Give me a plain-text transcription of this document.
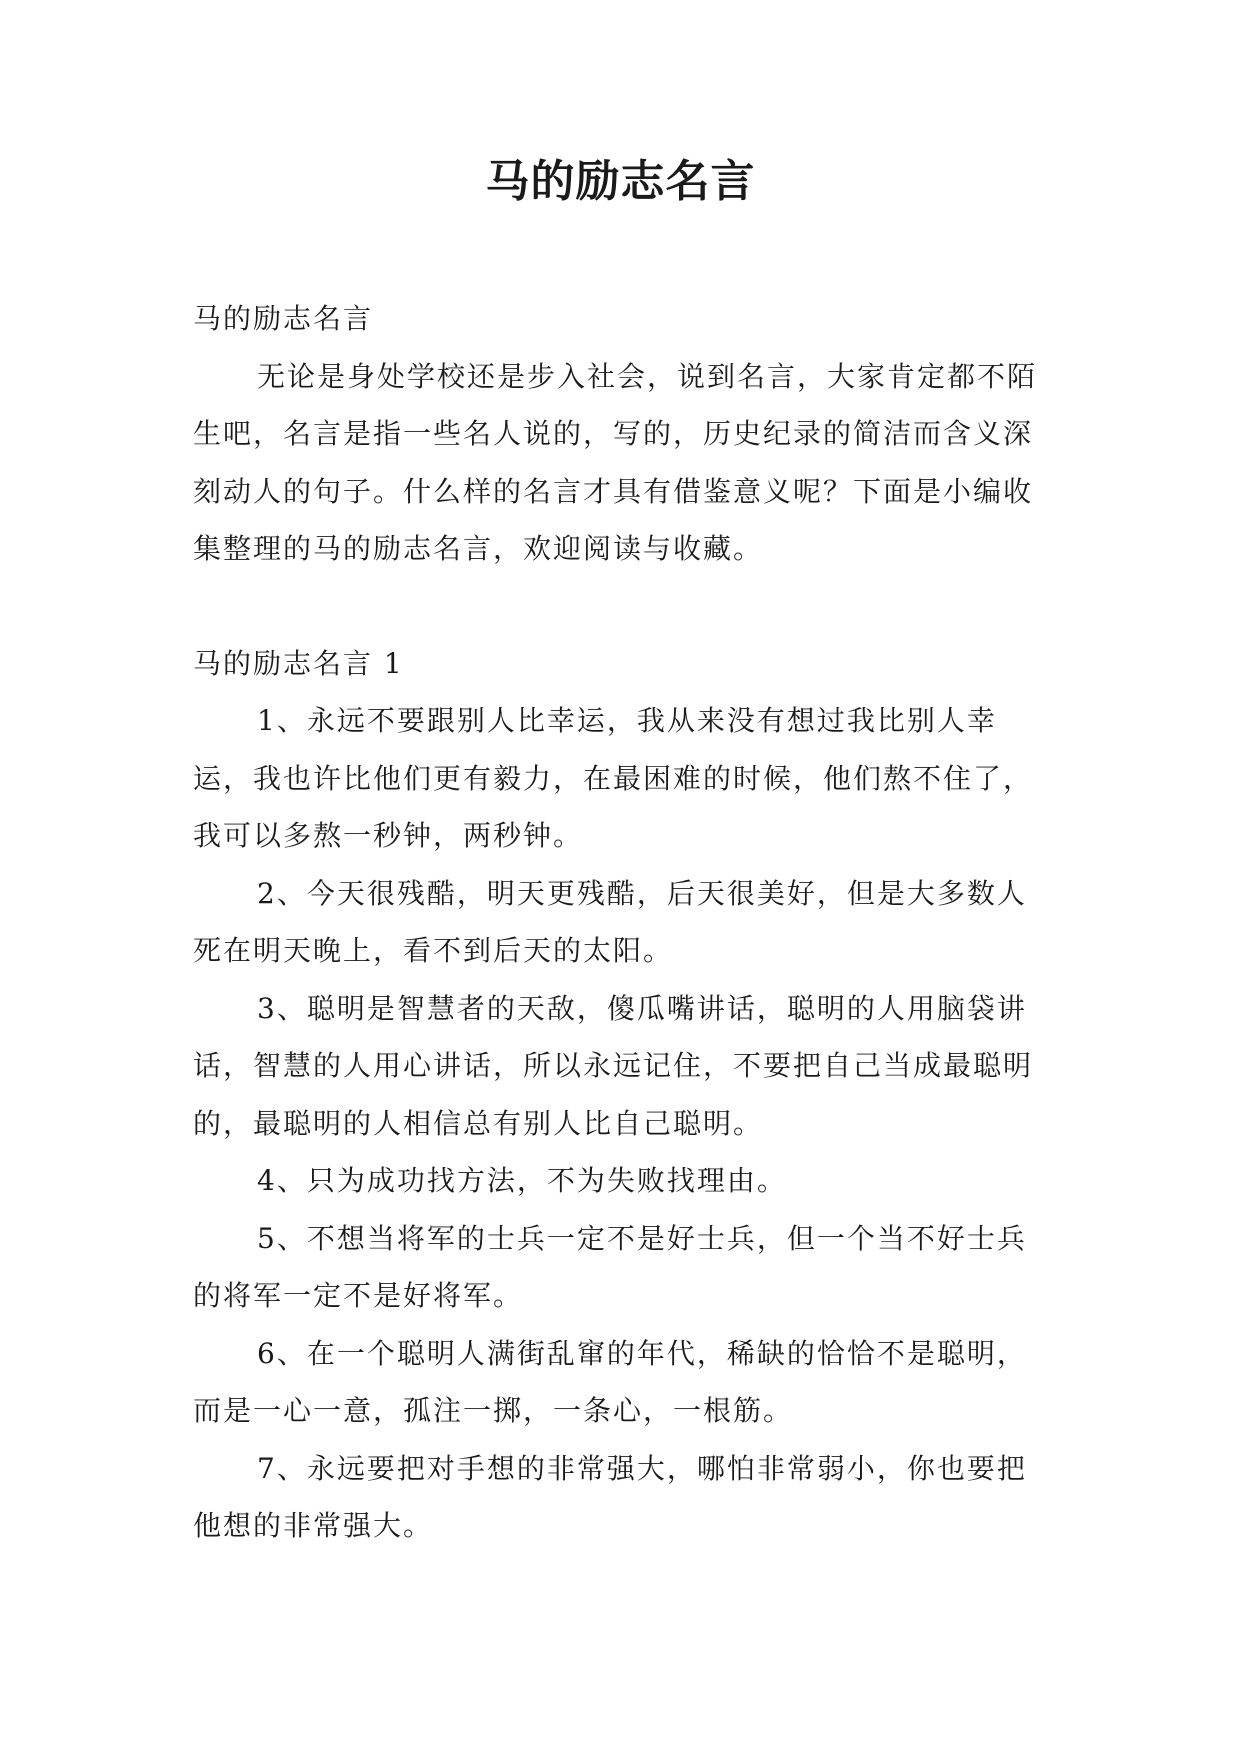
马的励志名言

马的励志名言

无论是身处学校还是步入社会，说到名言，大家肯定都不陌生吧，名言是指一些名人说的，写的，历史纪录的简洁而含义深刻动人的句子。什么样的名言才具有借鉴意义呢？下面是小编收集整理的马的励志名言，欢迎阅读与收藏。

马的励志名言 1

1、永远不要跟别人比幸运，我从来没有想过我比别人幸运，我也许比他们更有毅力，在最困难的时候，他们熬不住了，我可以多熬一秒钟，两秒钟。

2、今天很残酷，明天更残酷，后天很美好，但是大多数人死在明天晚上，看不到后天的太阳。

3、聪明是智慧者的天敌，傻瓜嘴讲话，聪明的人用脑袋讲话，智慧的人用心讲话，所以永远记住，不要把自己当成最聪明的，最聪明的人相信总有别人比自己聪明。

4、只为成功找方法，不为失败找理由。

5、不想当将军的士兵一定不是好士兵，但一个当不好士兵的将军一定不是好将军。

6、在一个聪明人满街乱窜的年代，稀缺的恰恰不是聪明，而是一心一意，孤注一掷，一条心，一根筋。

7、永远要把对手想的非常强大，哪怕非常弱小，你也要把他想的非常强大。
